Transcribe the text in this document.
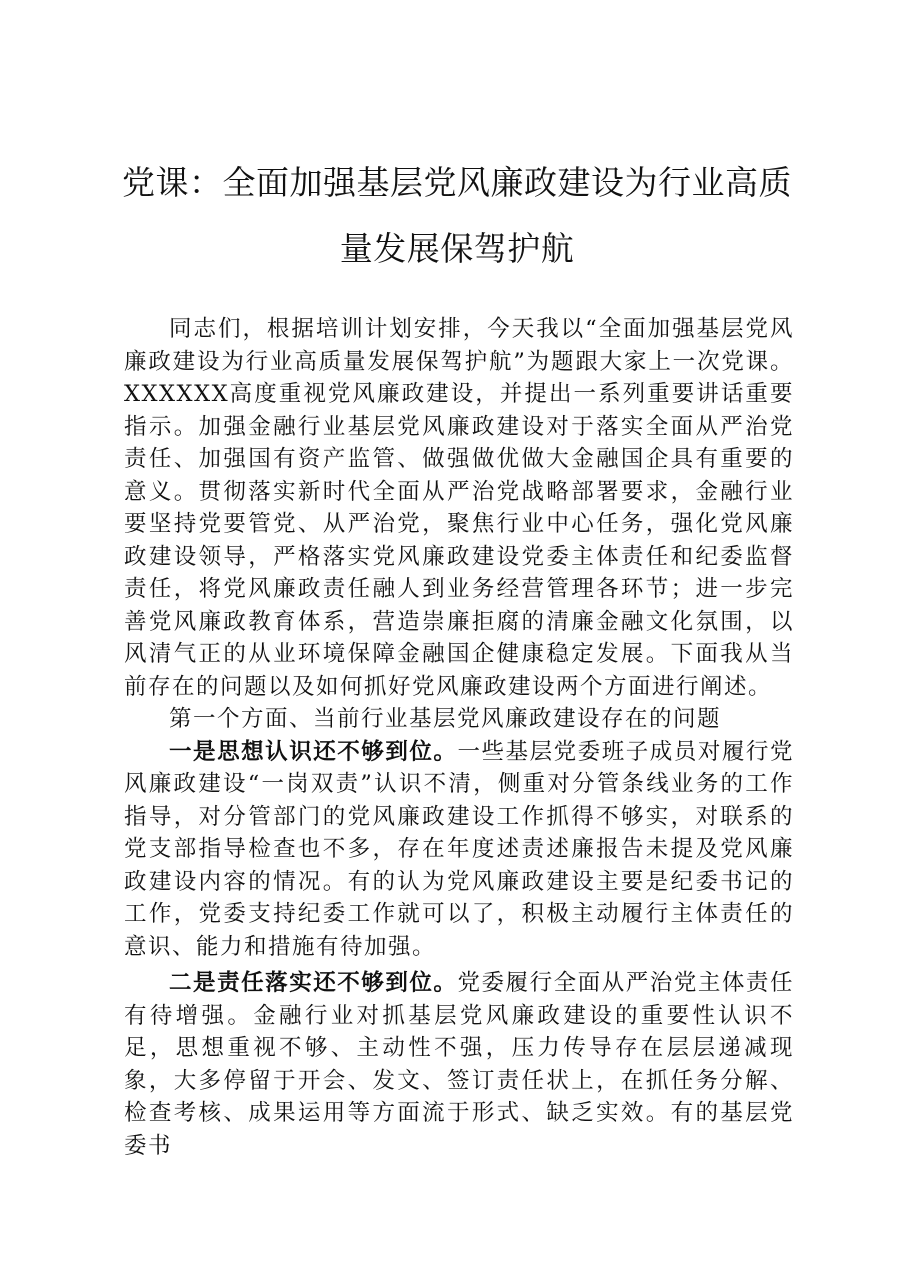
党课：全面加强基层党风廉政建设为行业高质
量发展保驾护航

同志们，根据培训计划安排，今天我以“全面加强基层党风廉政建设为行业高质量发展保驾护航”为题跟大家上一次党课。XXXXXX高度重视党风廉政建设，并提出一系列重要讲话重要指示。加强金融行业基层党风廉政建设对于落实全面从严治党责任、加强国有资产监管、做强做优做大金融国企具有重要的意义。贯彻落实新时代全面从严治党战略部署要求，金融行业要坚持党要管党、从严治党，聚焦行业中心任务，强化党风廉政建设领导，严格落实党风廉政建设党委主体责任和纪委监督责任，将党风廉政责任融人到业务经营管理各环节；进一步完善党风廉政教育体系，营造崇廉拒腐的清廉金融文化氛围，以风清气正的从业环境保障金融国企健康稳定发展。下面我从当前存在的问题以及如何抓好党风廉政建设两个方面进行阐述。

第一个方面、当前行业基层党风廉政建设存在的问题

一是思想认识还不够到位。一些基层党委班子成员对履行党风廉政建设“一岗双责”认识不清，侧重对分管条线业务的工作指导，对分管部门的党风廉政建设工作抓得不够实，对联系的党支部指导检查也不多，存在年度述责述廉报告未提及党风廉政建设内容的情况。有的认为党风廉政建设主要是纪委书记的工作，党委支持纪委工作就可以了，积极主动履行主体责任的意识、能力和措施有待加强。

二是责任落实还不够到位。党委履行全面从严治党主体责任有待增强。金融行业对抓基层党风廉政建设的重要性认识不足，思想重视不够、主动性不强，压力传导存在层层递减现象，大多停留于开会、发文、签订责任状上，在抓任务分解、检查考核、成果运用等方面流于形式、缺乏实效。有的基层党委书
